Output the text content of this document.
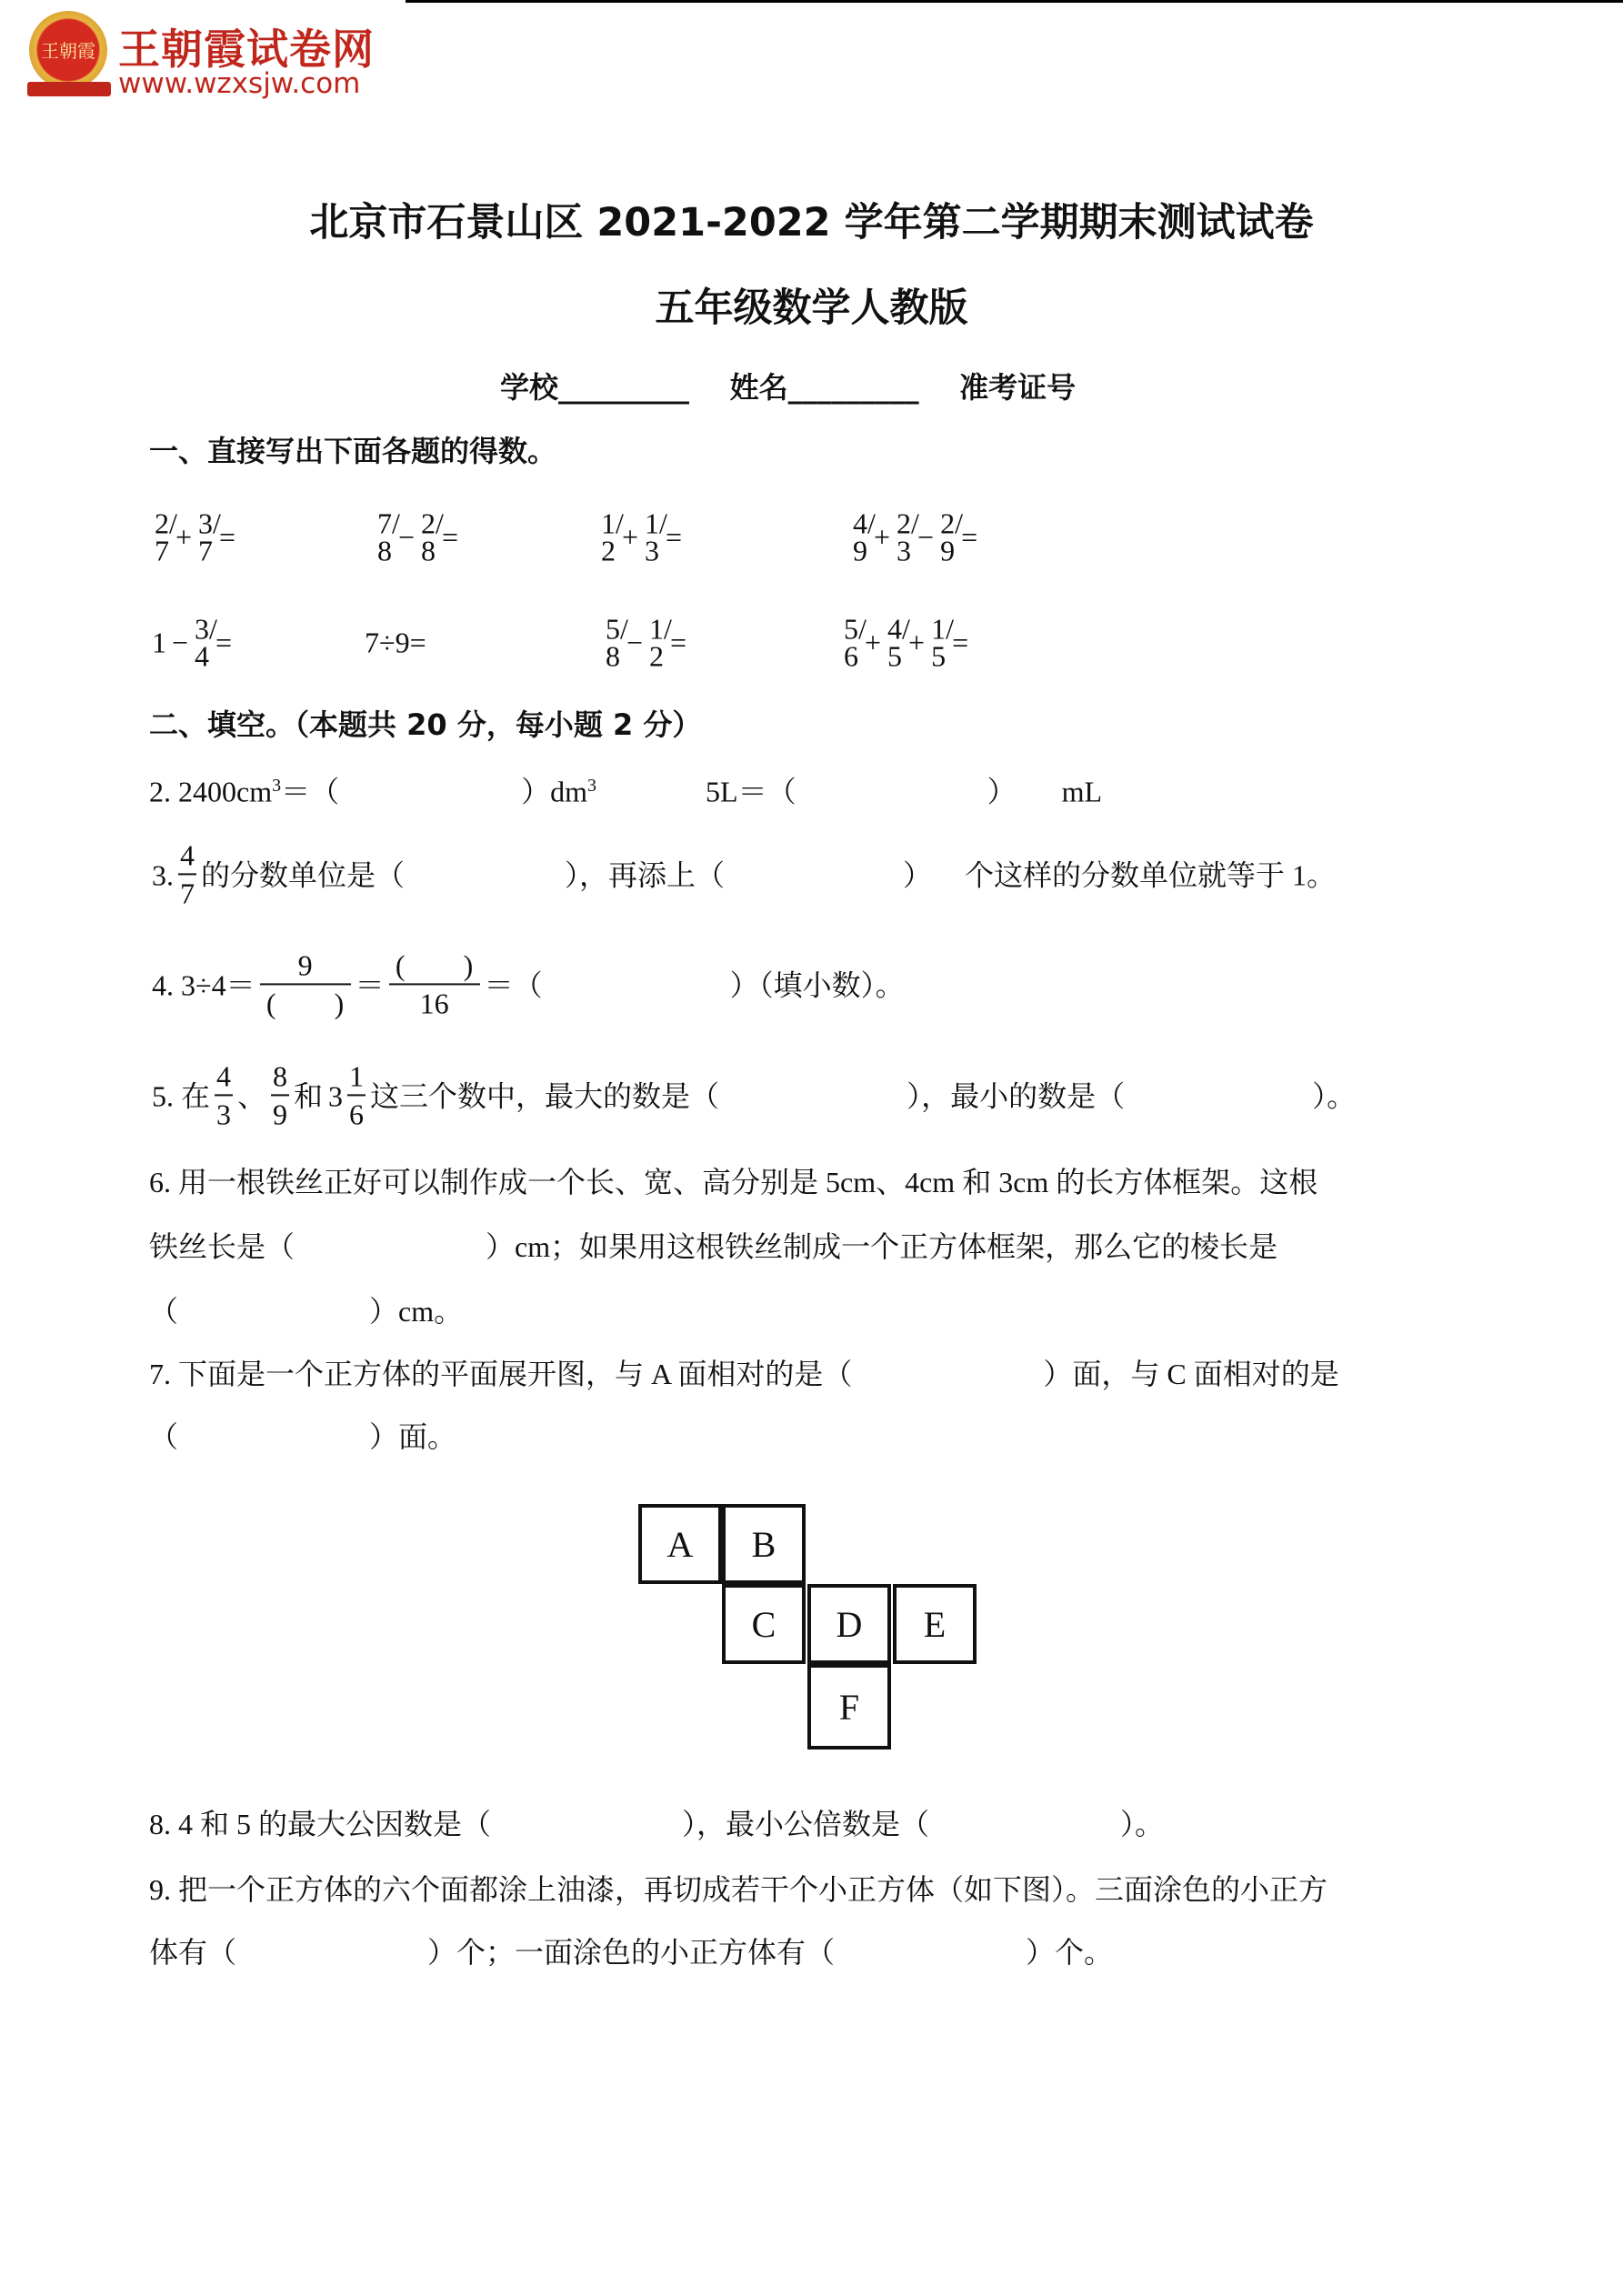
王朝霞 王朝霞试卷网
www.wzxsjw.com
北京市石景山区 2021-2022 学年第二学期期末测试试卷
五年级数学人教版
学校_________ 姓名_________ 准考证号
一、直接写出下面各题的得数。
2/7 + 3/7 =	7/8 − 2/8 =	1/2 + 1/3 =	4/9 + 2/3 − 2/9 =
1 − 3/4 =	7÷9=	5/8 − 1/2 =	5/6 + 4/5 + 1/5 =
二、填空。（本题共 20 分，每小题 2 分）
2. $2400cm^3=$（	）$dm^3$	5L＝（	） mL
3. $\frac{4}{7}$ 的分数单位是（	），再添上（	） 个这样的分数单位就等于 1。
4. $3\div 4= \frac{9}{( )} = \frac{( )}{16}$ ＝（	）（填小数）。
5. 在 $\frac{4}{3}$ 、 $\frac{8}{9}$ 和 $3 \frac{1}{6}$ 这三个数中，最大的数是（	），最小的数是（	）。
6. 用一根铁丝正好可以制作成一个长、宽、高分别是 5cm、4cm 和 3cm 的长方体框架。这根
铁丝长是（	）cm；如果用这根铁丝制成一个正方体框架，那么它的棱长是
（	）cm。
7. 下面是一个正方体的平面展开图，与 A 面相对的是（	）面，与 C 面相对的是
（	）面。
A	B
C	D	E
F
8. 4 和 5 的最大公因数是（	），最小公倍数是（	）。
9. 把一个正方体的六个面都涂上油漆，再切成若干个小正方体（如下图）。三面涂色的小正方
体有（	）个；一面涂色的小正方体有（	）个。
